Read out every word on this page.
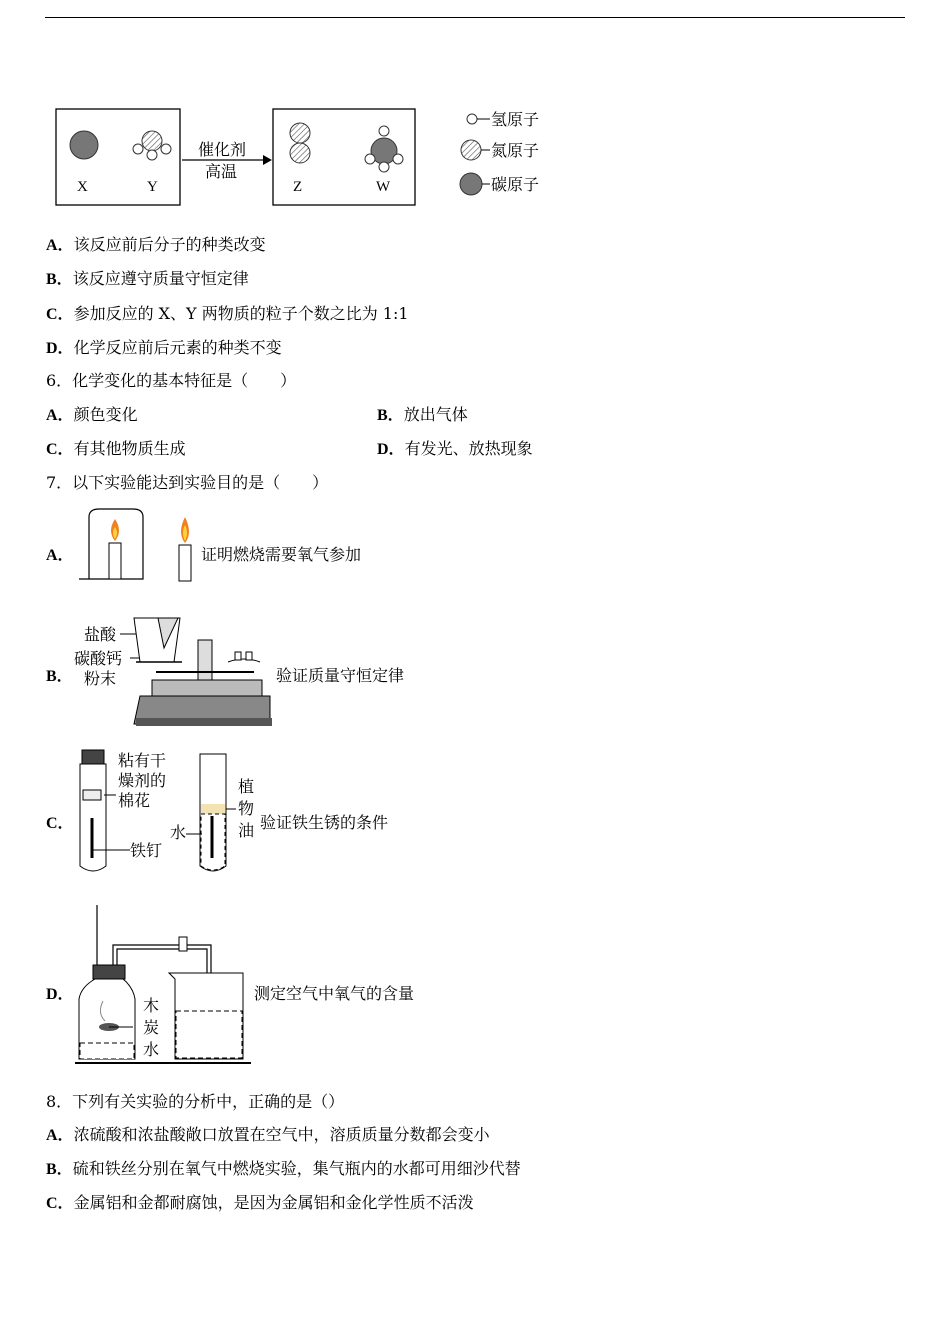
X	Y
催化剂
高温
Z	W
氢原子
氮原子
碳原子
A．该反应前后分子的种类改变
B．该反应遵守质量守恒定律
C．参加反应的 X、Y 两物质的粒子个数之比为 1:1
D．化学反应前后元素的种类不变
6．化学变化的基本特征是（　　）
A．颜色变化	B．放出气体
C．有其他物质生成	D．有发光、放热现象
7．以下实验能达到实验目的是（　　）
A．	证明燃烧需要氧气参加
B．
盐酸
碳酸钙
粉末	验证质量守恒定律
C．
粘有干
燥剂的
棉花
铁钉
植
物
油
水
验证铁生锈的条件
D．
木
炭
水
测定空气中氧气的含量
8．下列有关实验的分析中，正确的是（）
A．浓硫酸和浓盐酸敞口放置在空气中，溶质质量分数都会变小
B．硫和铁丝分别在氧气中燃烧实验，集气瓶内的水都可用细沙代替
C．金属铝和金都耐腐蚀，是因为金属铝和金化学性质不活泼
